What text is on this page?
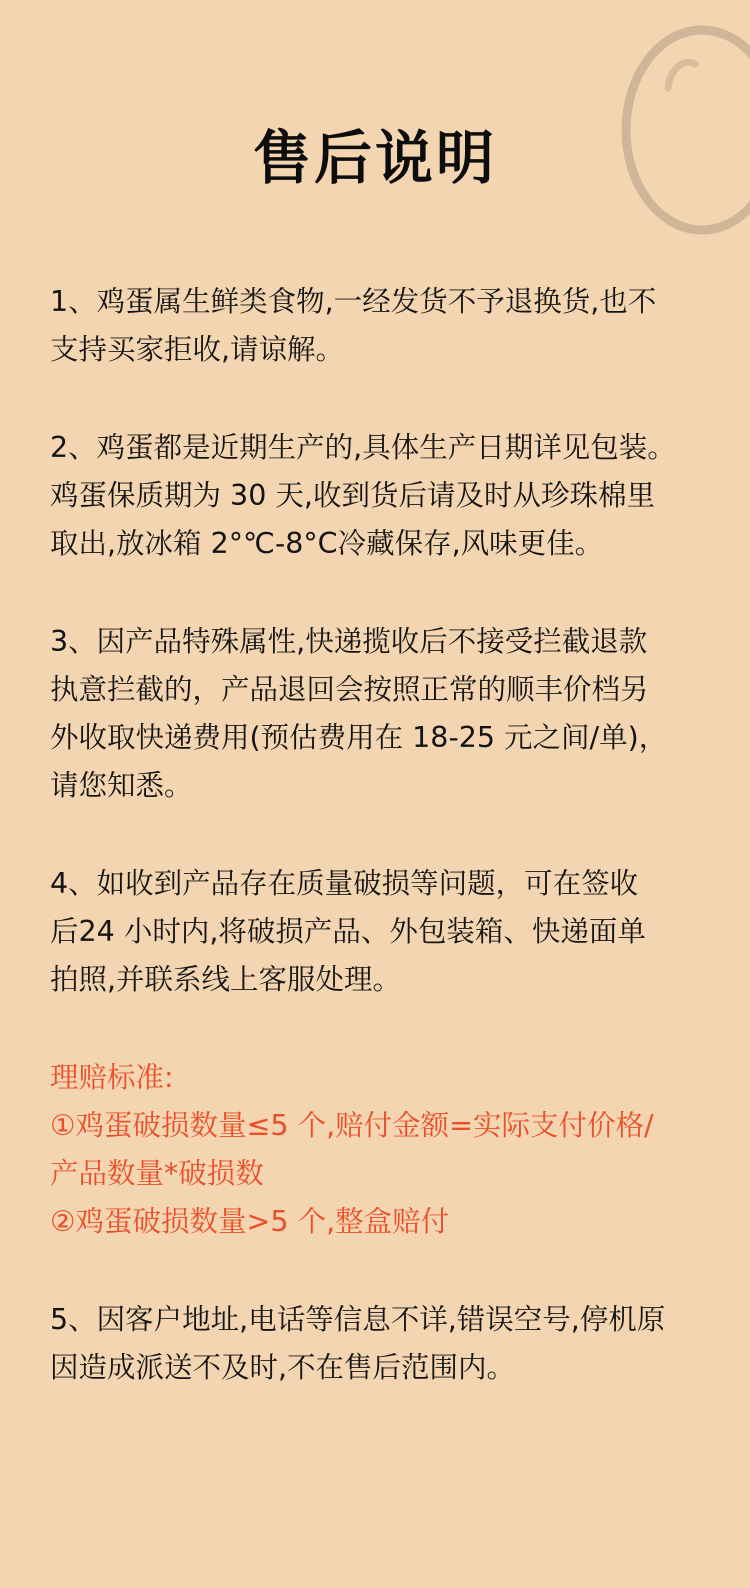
售后说明
1、鸡蛋属生鲜类食物,一经发货不予退换货,也不
支持买家拒收,请谅解。
2、鸡蛋都是近期生产的,具体生产日期详见包装。
鸡蛋保质期为 30 天,收到货后请及时从珍珠棉里
取出,放冰箱 2°℃-8°C冷藏保存,风味更佳。
3、因产品特殊属性,快递揽收后不接受拦截退款
执意拦截的，产品退回会按照正常的顺丰价档另
外收取快递费用(预估费用在 18-25 元之间/单)，
请您知悉。
4、如收到产品存在质量破损等问题，可在签收
后24 小时内,将破损产品、外包装箱、快递面单
拍照,并联系线上客服处理。
理赔标准:
①鸡蛋破损数量≤5 个,赔付金额=实际支付价格/
产品数量*破损数
②鸡蛋破损数量>5 个,整盒赔付
5、因客户地址,电话等信息不详,错误空号,停机原
因造成派送不及时,不在售后范围内。
